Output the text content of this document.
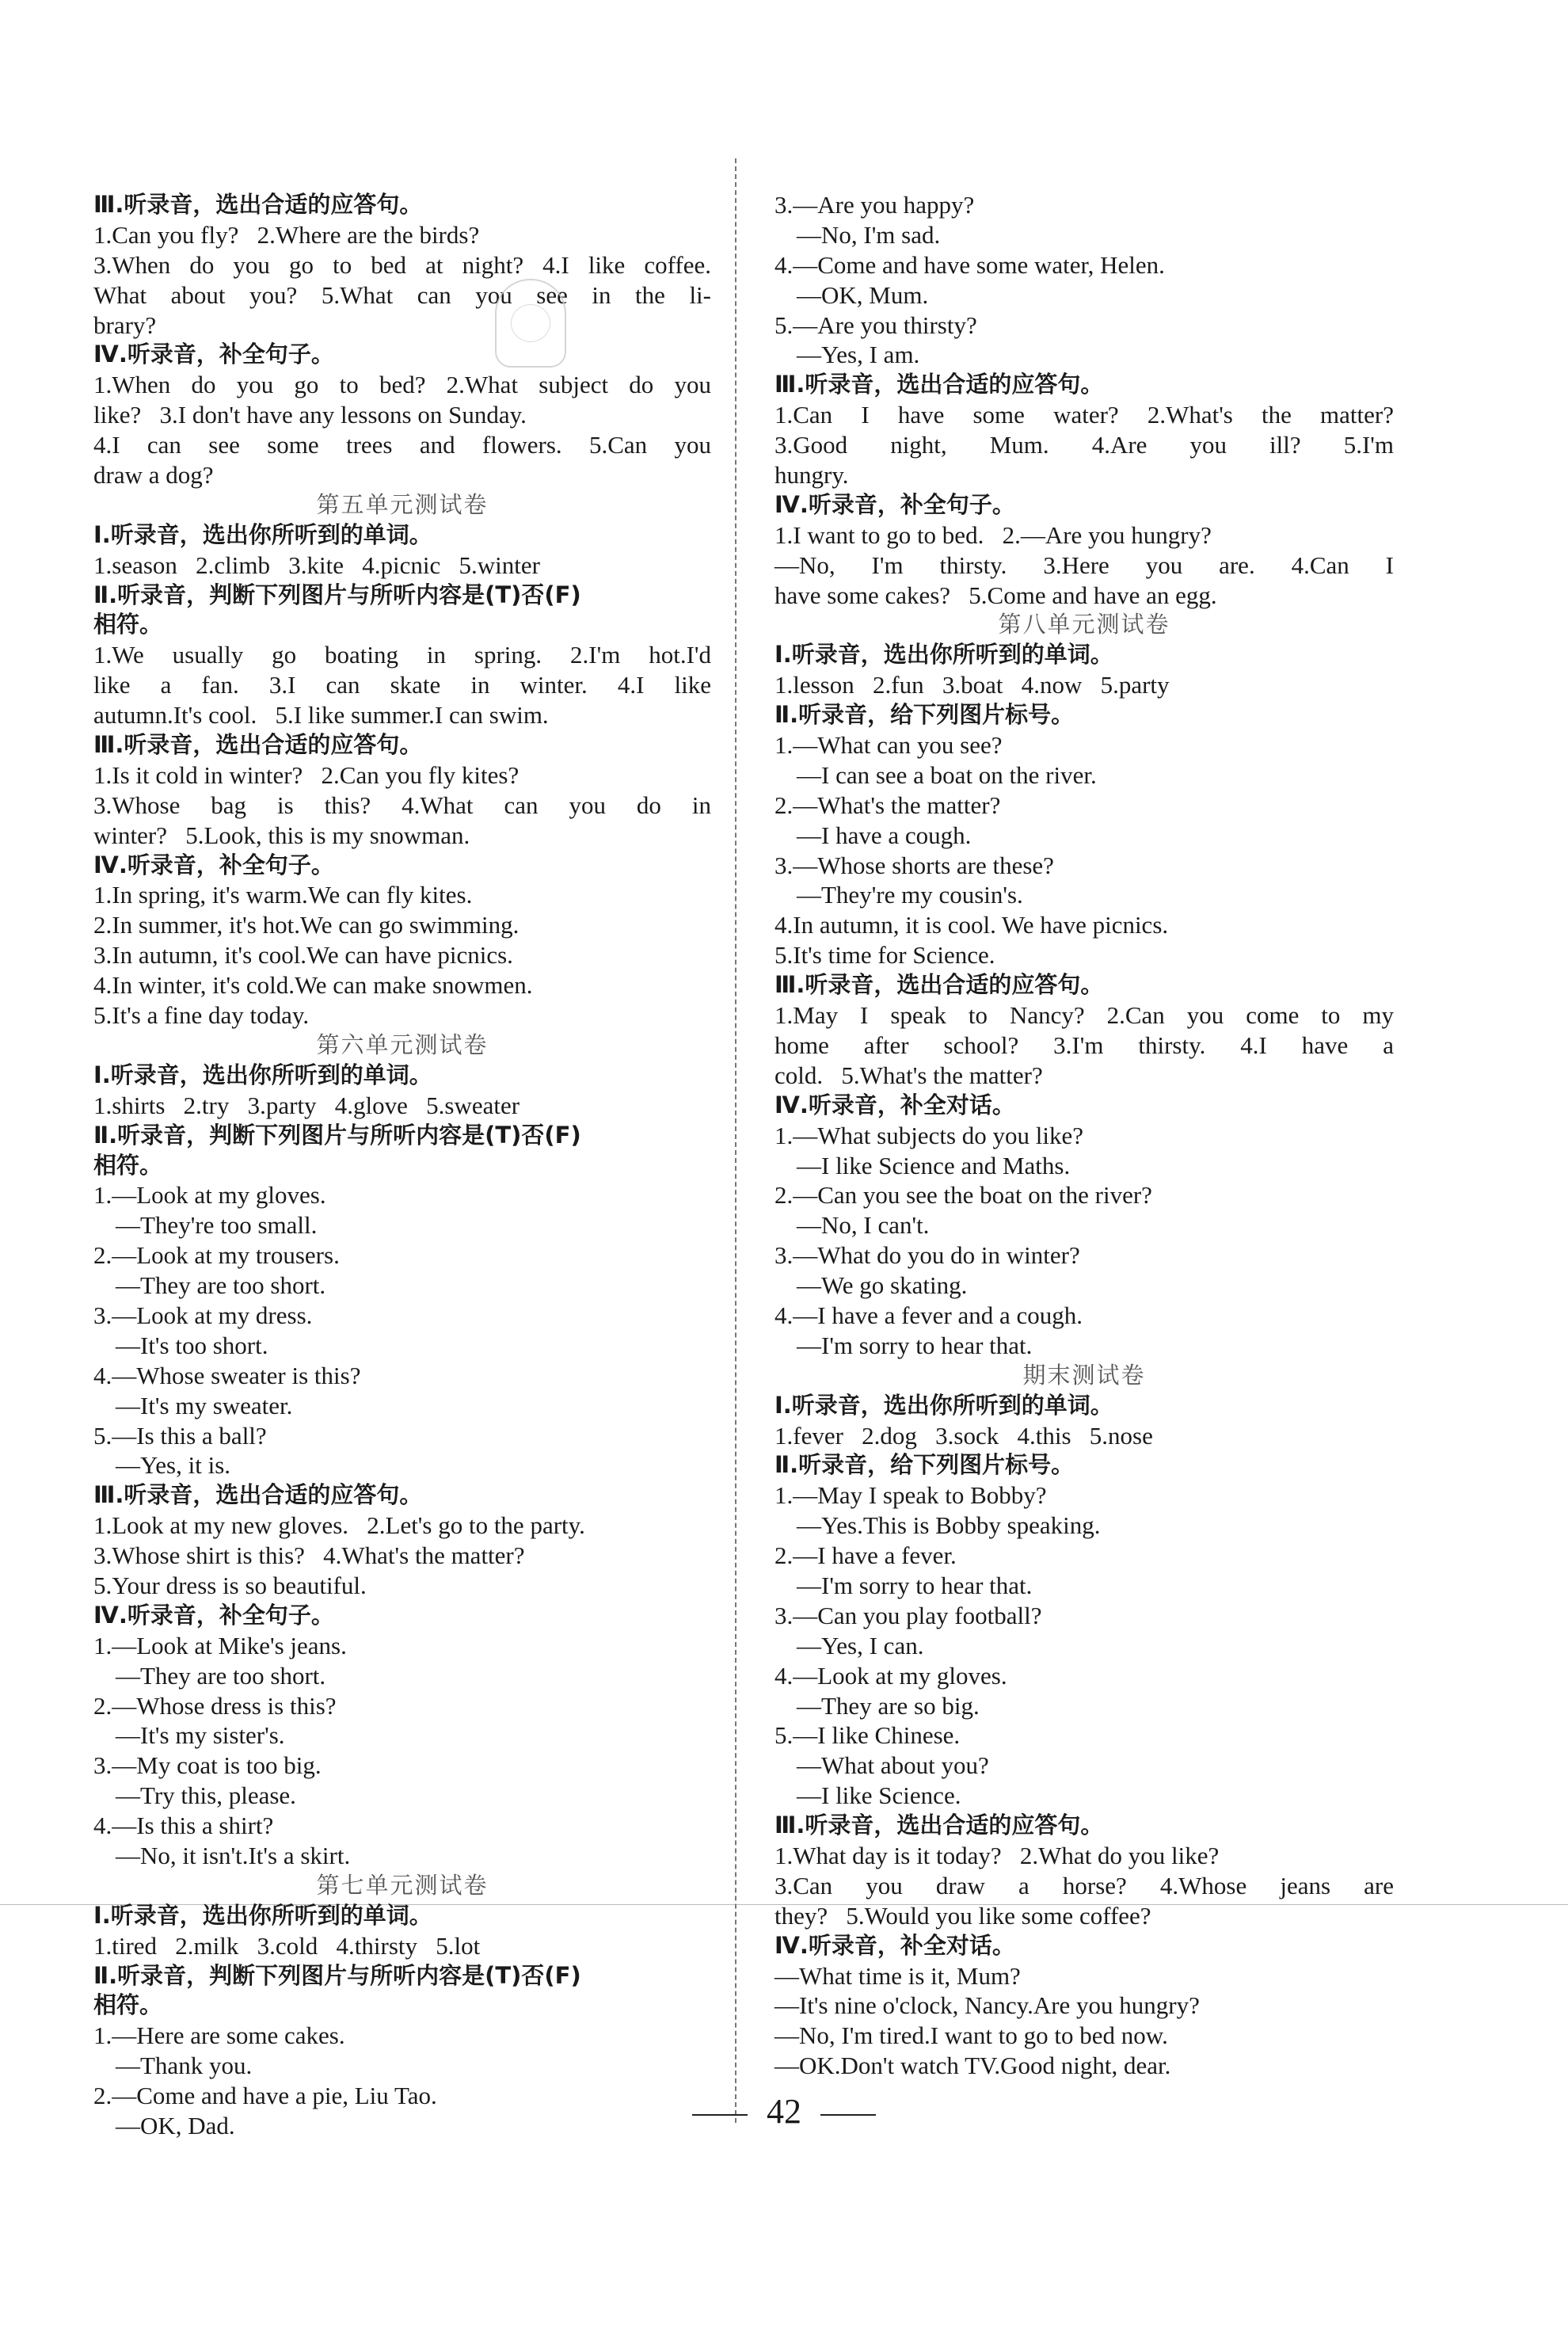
Ⅲ.听录音，选出合适的应答句。
1.Can you fly?   2.Where are the birds?
3.When do you go to bed at night? 4.I like coffee.
What about you? 5.What can you see in the li-
brary?
Ⅳ.听录音，补全句子。
1.When do you go to bed? 2.What subject do you
like?   3.I don't have any lessons on Sunday.
4.I can see some trees and flowers. 5.Can you
draw a dog?
第五单元测试卷
Ⅰ.听录音，选出你所听到的单词。
1.season   2.climb   3.kite   4.picnic   5.winter
Ⅱ.听录音，判断下列图片与所听内容是(T)否(F)
相符。
1.We usually go boating in spring. 2.I'm hot.I'd
like a fan. 3.I can skate in winter. 4.I like
autumn.It's cool.   5.I like summer.I can swim.
Ⅲ.听录音，选出合适的应答句。
1.Is it cold in winter?   2.Can you fly kites?
3.Whose bag is this? 4.What can you do in
winter?   5.Look, this is my snowman.
Ⅳ.听录音，补全句子。
1.In spring, it's warm.We can fly kites.
2.In summer, it's hot.We can go swimming.
3.In autumn, it's cool.We can have picnics.
4.In winter, it's cold.We can make snowmen.
5.It's a fine day today.
第六单元测试卷
Ⅰ.听录音，选出你所听到的单词。
1.shirts   2.try   3.party   4.glove   5.sweater
Ⅱ.听录音，判断下列图片与所听内容是(T)否(F)
相符。
1.—Look at my gloves.
—They're too small.
2.—Look at my trousers.
—They are too short.
3.—Look at my dress.
—It's too short.
4.—Whose sweater is this?
—It's my sweater.
5.—Is this a ball?
—Yes, it is.
Ⅲ.听录音，选出合适的应答句。
1.Look at my new gloves.   2.Let's go to the party.
3.Whose shirt is this?   4.What's the matter?
5.Your dress is so beautiful.
Ⅳ.听录音，补全句子。
1.—Look at Mike's jeans.
—They are too short.
2.—Whose dress is this?
—It's my sister's.
3.—My coat is too big.
—Try this, please.
4.—Is this a shirt?
—No, it isn't.It's a skirt.
第七单元测试卷
Ⅰ.听录音，选出你所听到的单词。
1.tired   2.milk   3.cold   4.thirsty   5.lot
Ⅱ.听录音，判断下列图片与所听内容是(T)否(F)
相符。
1.—Here are some cakes.
—Thank you.
2.—Come and have a pie, Liu Tao.
—OK, Dad.
3.—Are you happy?
—No, I'm sad.
4.—Come and have some water, Helen.
—OK, Mum.
5.—Are you thirsty?
—Yes, I am.
Ⅲ.听录音，选出合适的应答句。
1.Can I have some water? 2.What's the matter?
3.Good night, Mum. 4.Are you ill? 5.I'm
hungry.
Ⅳ.听录音，补全句子。
1.I want to go to bed.   2.—Are you hungry?
—No, I'm thirsty. 3.Here you are. 4.Can I
have some cakes?   5.Come and have an egg.
第八单元测试卷
Ⅰ.听录音，选出你所听到的单词。
1.lesson   2.fun   3.boat   4.now   5.party
Ⅱ.听录音，给下列图片标号。
1.—What can you see?
—I can see a boat on the river.
2.—What's the matter?
—I have a cough.
3.—Whose shorts are these?
—They're my cousin's.
4.In autumn, it is cool. We have picnics.
5.It's time for Science.
Ⅲ.听录音，选出合适的应答句。
1.May I speak to Nancy? 2.Can you come to my
home after school? 3.I'm thirsty. 4.I have a
cold.   5.What's the matter?
Ⅳ.听录音，补全对话。
1.—What subjects do you like?
—I like Science and Maths.
2.—Can you see the boat on the river?
—No, I can't.
3.—What do you do in winter?
—We go skating.
4.—I have a fever and a cough.
—I'm sorry to hear that.
期末测试卷
Ⅰ.听录音，选出你所听到的单词。
1.fever   2.dog   3.sock   4.this   5.nose
Ⅱ.听录音，给下列图片标号。
1.—May I speak to Bobby?
—Yes.This is Bobby speaking.
2.—I have a fever.
—I'm sorry to hear that.
3.—Can you play football?
—Yes, I can.
4.—Look at my gloves.
—They are so big.
5.—I like Chinese.
—What about you?
—I like Science.
Ⅲ.听录音，选出合适的应答句。
1.What day is it today?   2.What do you like?
3.Can you draw a horse? 4.Whose jeans are
they?   5.Would you like some coffee?
Ⅳ.听录音，补全对话。
—What time is it, Mum?
—It's nine o'clock, Nancy.Are you hungry?
—No, I'm tired.I want to go to bed now.
—OK.Don't watch TV.Good night, dear.
42
